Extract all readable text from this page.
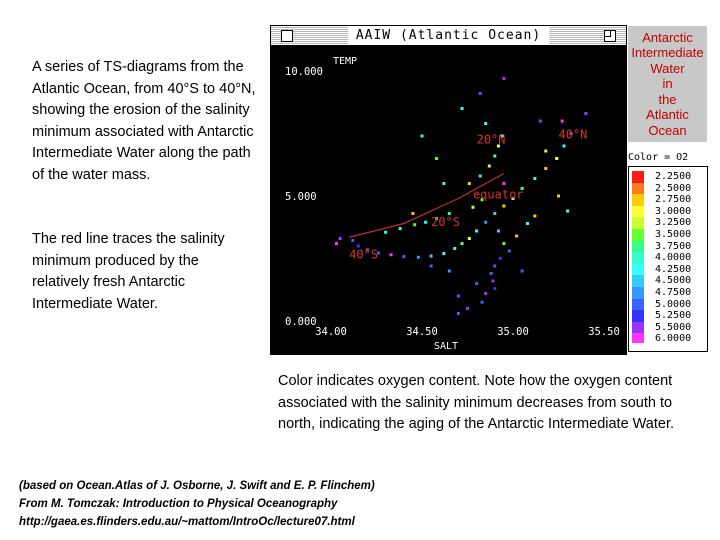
A series of TS-diagrams from the Atlantic Ocean, from 40°S to 40°N, showing the erosion of the salinity minimum associated with Antarctic Intermediate Water along the path of the water mass.

The red line traces the salinity minimum produced by the relatively fresh Antarctic Intermediate Water.

Color indicates oxygen content. Note how the oxygen content associated with the salinity minimum decreases from south to north, indicating the aging of the Antarctic Intermediate Water.

AAIW (Atlantic Ocean)
TEMP
SALT
10.000
5.000
0.000
34.00	34.50	35.00	35.50
40°N
20°N
equator
20°S
40°S
Antarctic
Intermediate
Water
in
the
Atlantic
Ocean
Color = O2
2.2500
2.5000
2.7500
3.0000
3.2500
3.5000
3.7500
4.0000
4.2500
4.5000
4.7500
5.0000
5.2500
5.5000
6.0000
(based on Ocean.Atlas of J. Osborne, J. Swift and E. P. Flinchem)
From M. Tomczak: Introduction to Physical Oceanography
http://gaea.es.flinders.edu.au/~mattom/IntroOc/lecture07.html
